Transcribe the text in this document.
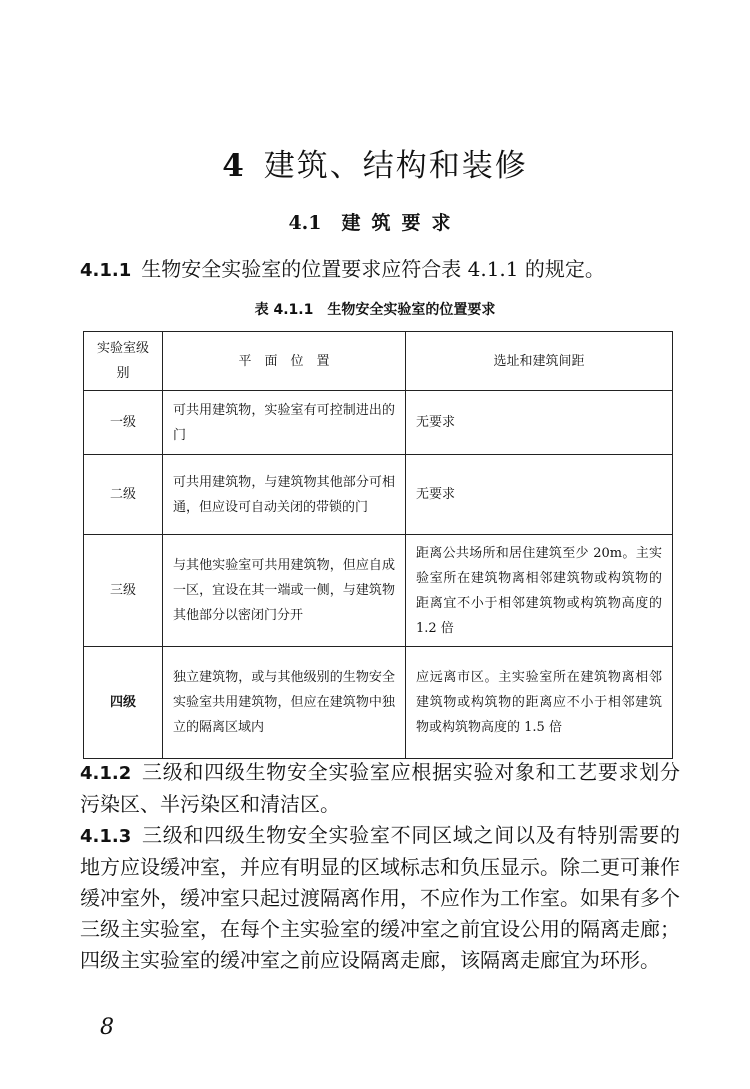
4 建筑、结构和装修
4.1 建筑要求
4.1.1 生物安全实验室的位置要求应符合表 4.1.1 的规定。
表 4.1.1 生物安全实验室的位置要求
实验室级别	平　面　位　置	选址和建筑间距
一级	可共用建筑物，实验室有可控制进出的门	无要求
二级	可共用建筑物，与建筑物其他部分可相通，但应设可自动关闭的带锁的门	无要求
三级	与其他实验室可共用建筑物，但应自成一区，宜设在其一端或一侧，与建筑物其他部分以密闭门分开	距离公共场所和居住建筑至少 20m。主实验室所在建筑物离相邻建筑物或构筑物的距离宜不小于相邻建筑物或构筑物高度的 1.2 倍
四级	独立建筑物，或与其他级别的生物安全实验室共用建筑物，但应在建筑物中独立的隔离区域内	应远离市区。主实验室所在建筑物离相邻建筑物或构筑物的距离应不小于相邻建筑物或构筑物高度的 1.5 倍
4.1.2 三级和四级生物安全实验室应根据实验对象和工艺要求划分污染区、半污染区和清洁区。
4.1.3 三级和四级生物安全实验室不同区域之间以及有特别需要的地方应设缓冲室，并应有明显的区域标志和负压显示。除二更可兼作缓冲室外，缓冲室只起过渡隔离作用，不应作为工作室。如果有多个三级主实验室，在每个主实验室的缓冲室之前宜设公用的隔离走廊；四级主实验室的缓冲室之前应设隔离走廊，该隔离走廊宜为环形。
8
